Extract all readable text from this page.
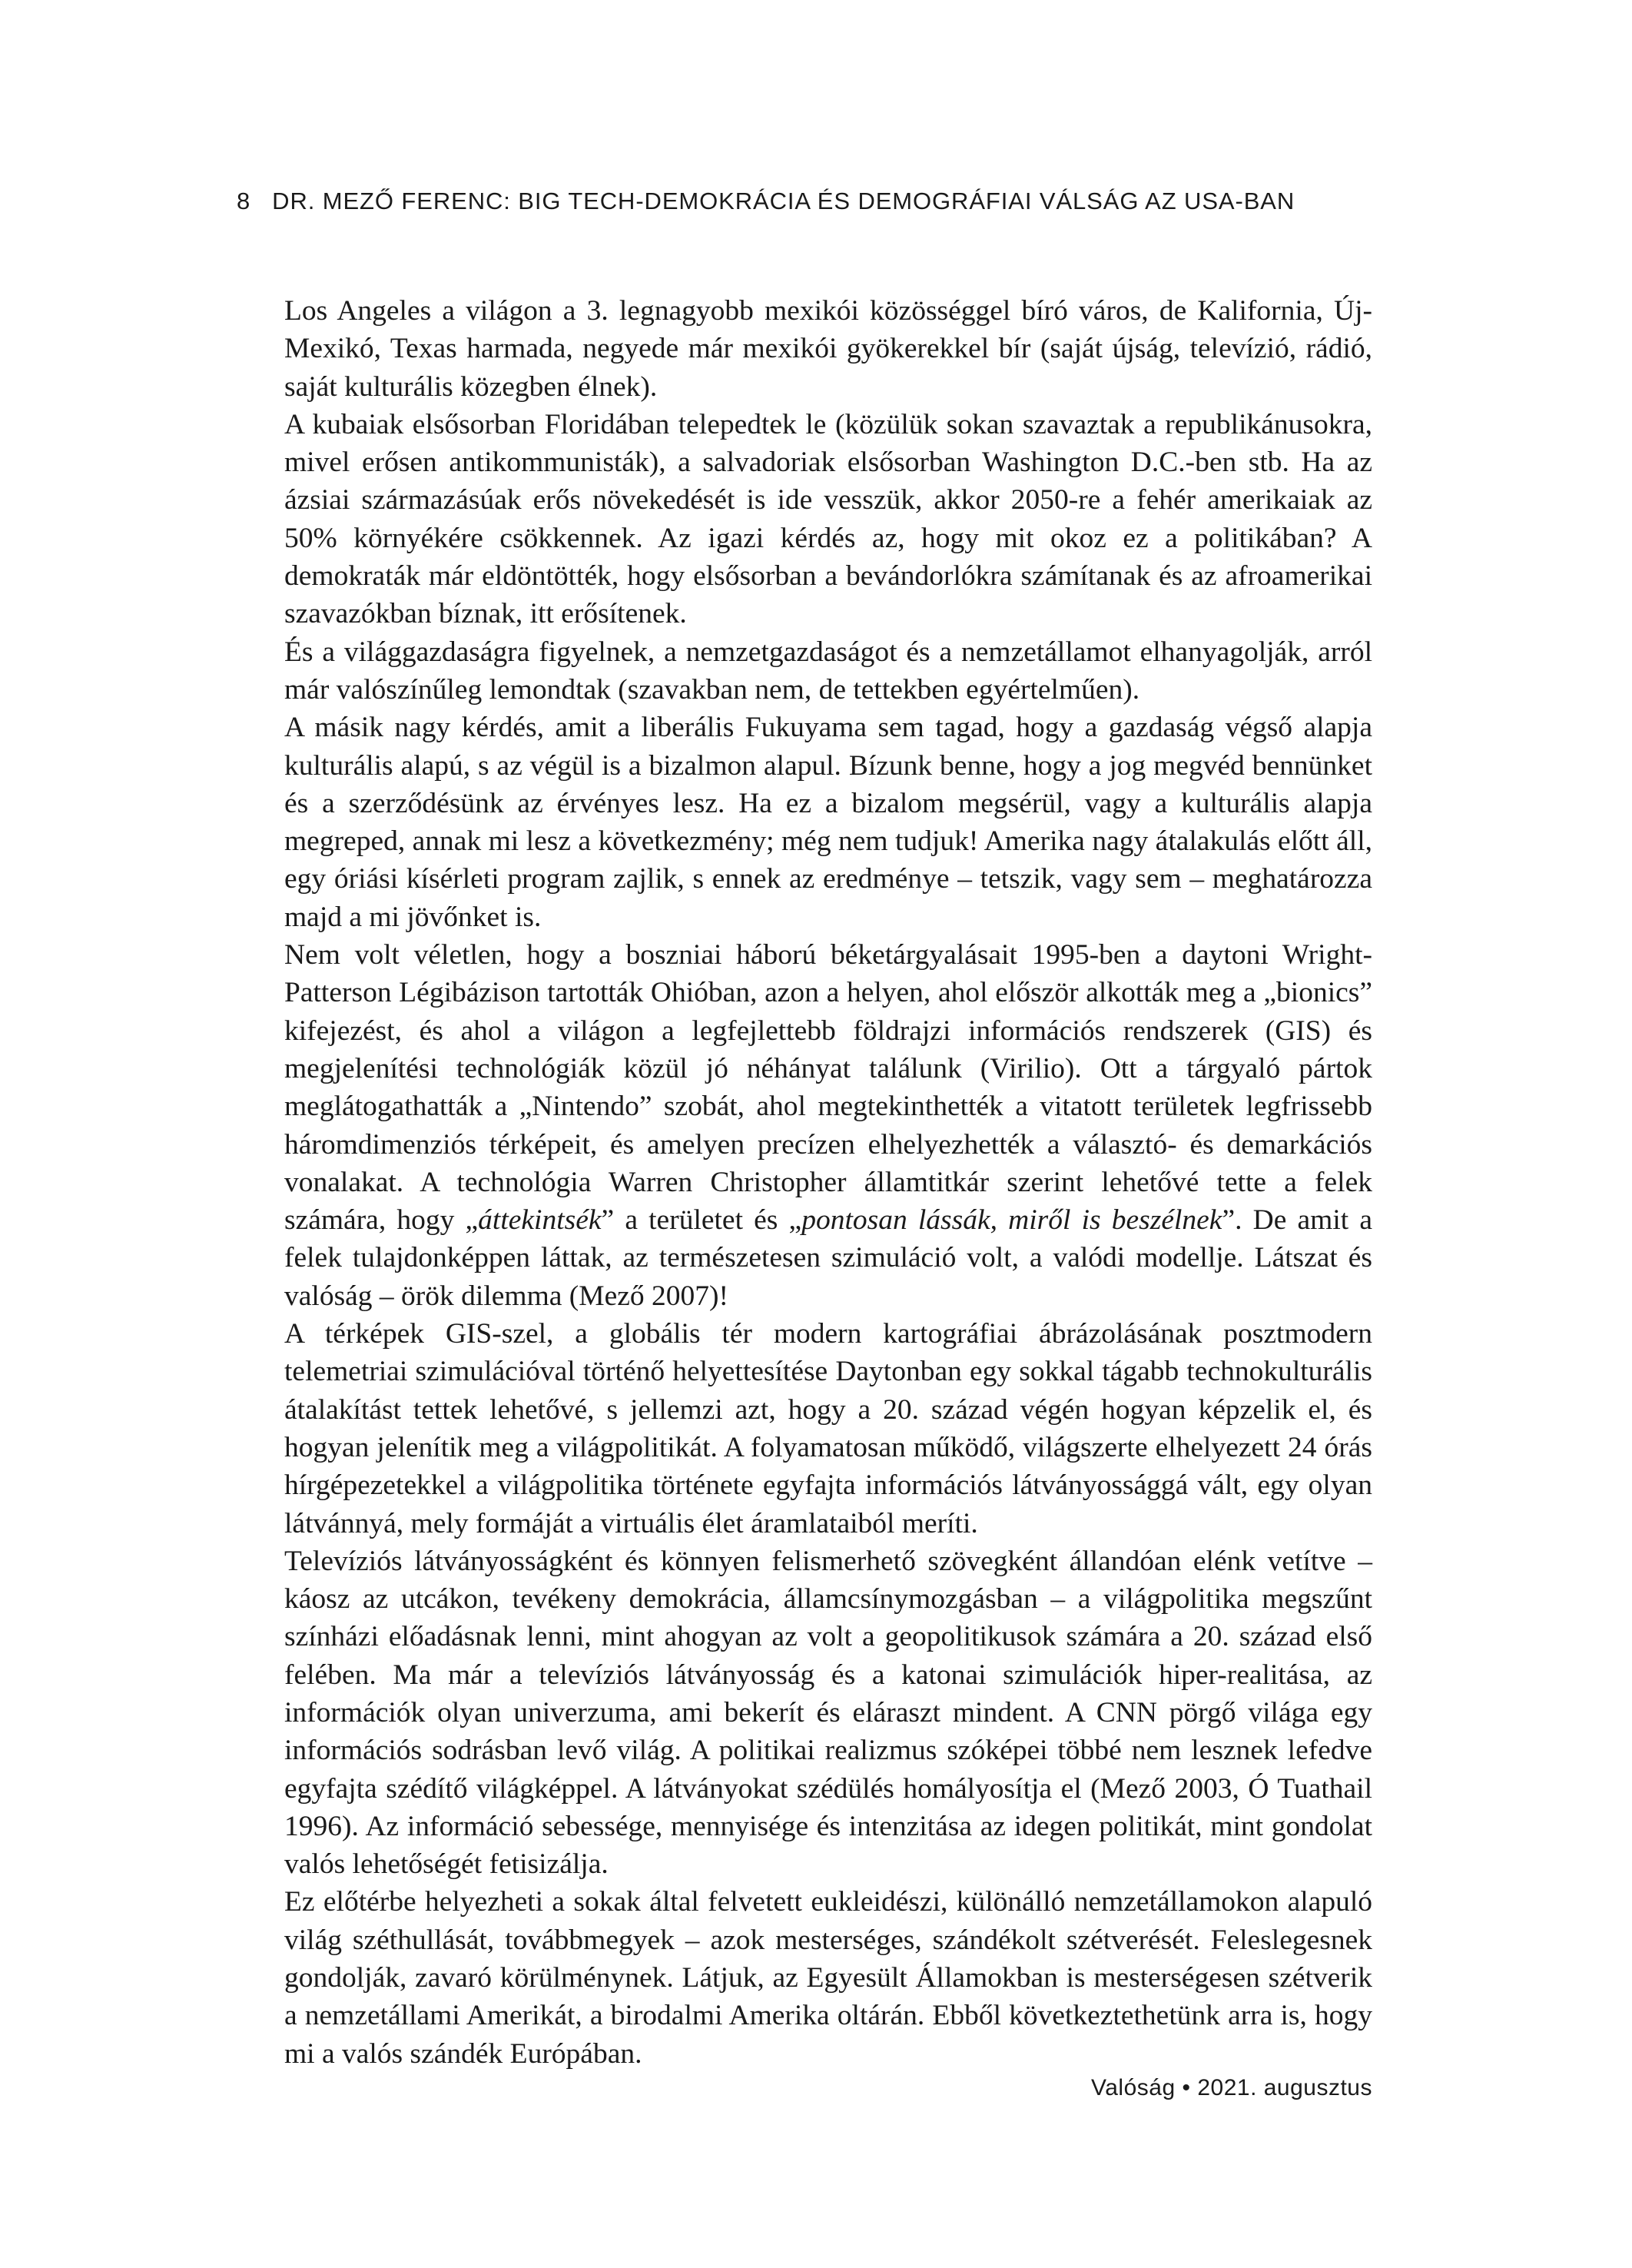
8 DR. MEZŐ FERENC: BIG TECH-DEMOKRÁCIA ÉS DEMOGRÁFIAI VÁLSÁG AZ USA-BAN

Los Angeles a világon a 3. legnagyobb mexikói közösséggel bíró város, de Kalifornia, Új-Mexikó, Texas harmada, negyede már mexikói gyökerekkel bír (saját újság, televízió, rádió, saját kulturális közegben élnek).

A kubaiak elsősorban Floridában telepedtek le (közülük sokan szavaztak a republikánusokra, mivel erősen antikommunisták), a salvadoriak elsősorban Washington D.C.-ben stb. Ha az ázsiai származásúak erős növekedését is ide vesszük, akkor 2050-re a fehér amerikaiak az 50% környékére csökkennek. Az igazi kérdés az, hogy mit okoz ez a politikában? A demokraták már eldöntötték, hogy elsősorban a bevándorlókra számítanak és az afroamerikai szavazókban bíznak, itt erősítenek.

És a világgazdaságra figyelnek, a nemzetgazdaságot és a nemzetállamot elhanyagolják, arról már valószínűleg lemondtak (szavakban nem, de tettekben egyértelműen).

A másik nagy kérdés, amit a liberális Fukuyama sem tagad, hogy a gazdaság végső alapja kulturális alapú, s az végül is a bizalmon alapul. Bízunk benne, hogy a jog megvéd bennünket és a szerződésünk az érvényes lesz. Ha ez a bizalom megsérül, vagy a kulturális alapja megreped, annak mi lesz a következmény; még nem tudjuk! Amerika nagy átalakulás előtt áll, egy óriási kísérleti program zajlik, s ennek az eredménye – tetszik, vagy sem – meghatározza majd a mi jövőnket is.

Nem volt véletlen, hogy a boszniai háború béketárgyalásait 1995-ben a daytoni Wright-Patterson Légibázison tartották Ohióban, azon a helyen, ahol először alkották meg a „bionics” kifejezést, és ahol a világon a legfejlettebb földrajzi információs rendszerek (GIS) és megjelenítési technológiák közül jó néhányat találunk (Virilio). Ott a tárgyaló pártok meglátogathatták a „Nintendo” szobát, ahol megtekinthették a vitatott területek legfrissebb háromdimenziós térképeit, és amelyen precízen elhelyezhették a választó- és demarkációs vonalakat. A technológia Warren Christopher államtitkár szerint lehetővé tette a felek számára, hogy „áttekintsék” a területet és „pontosan lássák, miről is beszélnek”. De amit a felek tulajdonképpen láttak, az természetesen szimuláció volt, a valódi modellje. Látszat és valóság – örök dilemma (Mező 2007)!

A térképek GIS-szel, a globális tér modern kartográfiai ábrázolásának posztmodern telemetriai szimulációval történő helyettesítése Daytonban egy sokkal tágabb technokulturális átalakítást tettek lehetővé, s jellemzi azt, hogy a 20. század végén hogyan képzelik el, és hogyan jelenítik meg a világpolitikát. A folyamatosan működő, világszerte elhelyezett 24 órás hírgépezetekkel a világpolitika története egyfajta információs látványossággá vált, egy olyan látvánnyá, mely formáját a virtuális élet áramlataiból meríti.

Televíziós látványosságként és könnyen felismerhető szövegként állandóan elénk vetítve – káosz az utcákon, tevékeny demokrácia, államcsínymozgásban – a világpolitika megszűnt színházi előadásnak lenni, mint ahogyan az volt a geopolitikusok számára a 20. század első felében. Ma már a televíziós látványosság és a katonai szimulációk hiper-realitása, az információk olyan univerzuma, ami bekerít és eláraszt mindent. A CNN pörgő világa egy információs sodrásban levő világ. A politikai realizmus szóképei többé nem lesznek lefedve egyfajta szédítő világképpel. A látványokat szédülés homályosítja el (Mező 2003, Ó Tuathail 1996). Az információ sebessége, mennyisége és intenzitása az idegen politikát, mint gondolat valós lehetőségét fetisizálja.

Ez előtérbe helyezheti a sokak által felvetett eukleidészi, különálló nemzetállamokon alapuló világ széthullását, továbbmegyek – azok mesterséges, szándékolt szétverését. Feleslegesnek gondolják, zavaró körülménynek. Látjuk, az Egyesült Államokban is mesterségesen szétverik a nemzetállami Amerikát, a birodalmi Amerika oltárán. Ebből következtethetünk arra is, hogy mi a valós szándék Európában.

Valóság • 2021. augusztus
